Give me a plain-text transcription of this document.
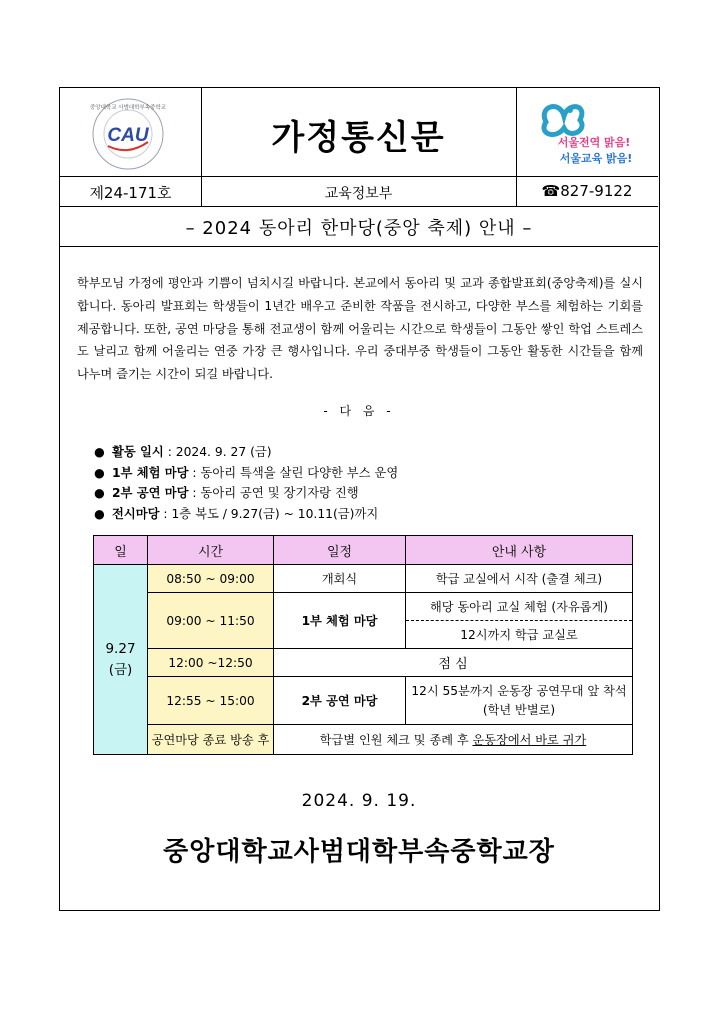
CAU
중앙대학교 사범대학부속중학교
가정통신문	서울전역 맑음!
서울교육 밝음!
제24-171호	교육정보부	☎827-9122
– 2024 동아리 한마당(중앙 축제) 안내 –

학부모님 가정에 평안과 기쁨이 넘치시길 바랍니다. 본교에서 동아리 및 교과 종합발표회(중앙축제)를 실시합니다. 동아리 발표회는 학생들이 1년간 배우고 준비한 작품을 전시하고, 다양한 부스를 체험하는 기회를 제공합니다. 또한, 공연 마당을 통해 전교생이 함께 어울리는 시간으로 학생들이 그동안 쌓인 학업 스트레스도 날리고 함께 어울리는 연중 가장 큰 행사입니다. 우리 중대부중 학생들이 그동안 활동한 시간들을 함께 나누며 즐기는 시간이 되길 바랍니다.

- 다 음 -
● 활동 일시 : 2024. 9. 27 (금)
● 1부 체험 마당 : 동아리 특색을 살린 다양한 부스 운영
● 2부 공연 마당 : 동아리 공연 및 장기자랑 진행
● 전시마당 : 1층 복도 / 9.27(금) ~ 10.11(금)까지
일	시간	일정	안내 사항

9.27
(금)	08:50 ~ 09:00	개회식	학급 교실에서 시작 (출결 체크)
	09:00 ~ 11:50	1부 체험 마당	해당 동아리 교실 체험 (자유롭게)
			12시까지 학급 교실로
	12:00 ~12:50	점 심	
	12:55 ~ 15:00	2부 공연 마당	12시 55분까지 운동장 공연무대 앞 착석
(학년 반별로)

	공연마당 종료 방송 후	학급별 인원 체크 및 종례 후 운동장에서 바로 귀가	
2024. 9. 19.
중앙대학교사범대학부속중학교장
